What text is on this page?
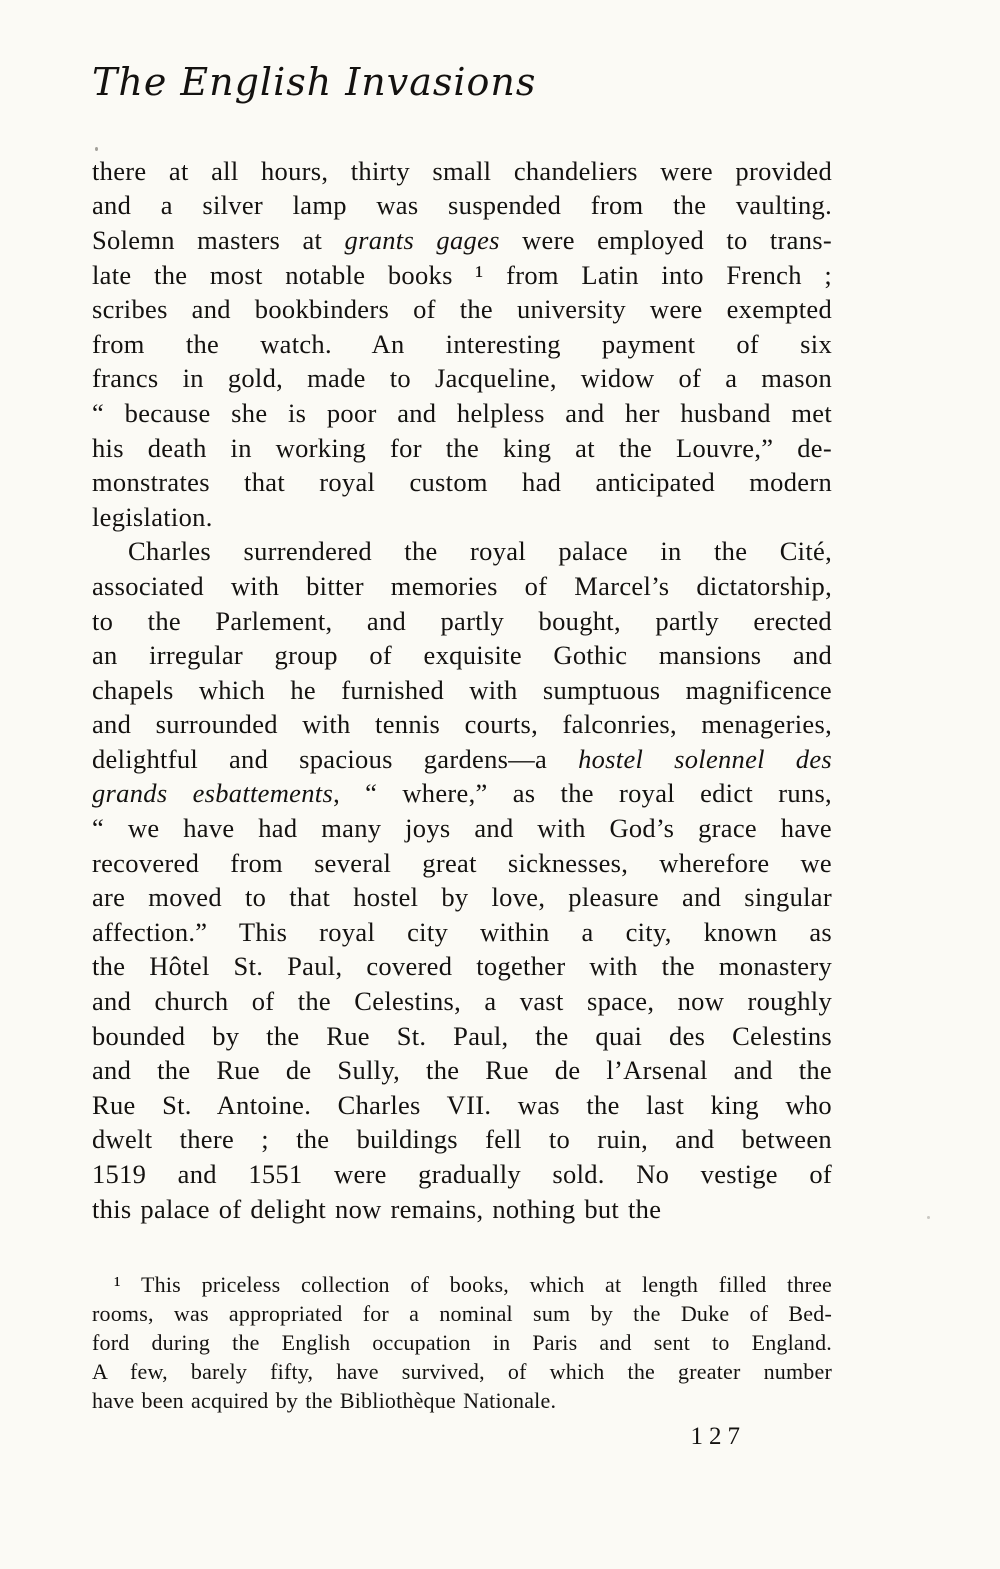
The English Invasions
there at all hours, thirty small chandeliers were provided
and a silver lamp was suspended from the vaulting.
Solemn masters at grants gages were employed to trans-
late the most notable books ¹ from Latin into French ;
scribes and bookbinders of the university were exempted
from the watch. An interesting payment of six
francs in gold, made to Jacqueline, widow of a mason
“ because she is poor and helpless and her husband met
his death in working for the king at the Louvre,” de-
monstrates that royal custom had anticipated modern
legislation.
Charles surrendered the royal palace in the Cité,
associated with bitter memories of Marcel’s dictatorship,
to the Parlement, and partly bought, partly erected
an irregular group of exquisite Gothic mansions and
chapels which he furnished with sumptuous magnificence
and surrounded with tennis courts, falconries, menageries,
delightful and spacious gardens—a hostel solennel des
grands esbattements, “ where,” as the royal edict runs,
“ we have had many joys and with God’s grace have
recovered from several great sicknesses, wherefore we
are moved to that hostel by love, pleasure and singular
affection.” This royal city within a city, known as
the Hôtel St. Paul, covered together with the monastery
and church of the Celestins, a vast space, now roughly
bounded by the Rue St. Paul, the quai des Celestins
and the Rue de Sully, the Rue de l’Arsenal and the
Rue St. Antoine. Charles VII. was the last king who
dwelt there ; the buildings fell to ruin, and between
1519 and 1551 were gradually sold. No vestige of
this palace of delight now remains, nothing but the
¹ This priceless collection of books, which at length filled three
rooms, was appropriated for a nominal sum by the Duke of Bed-
ford during the English occupation in Paris and sent to England.
A few, barely fifty, have survived, of which the greater number
have been acquired by the Bibliothèque Nationale.
127
